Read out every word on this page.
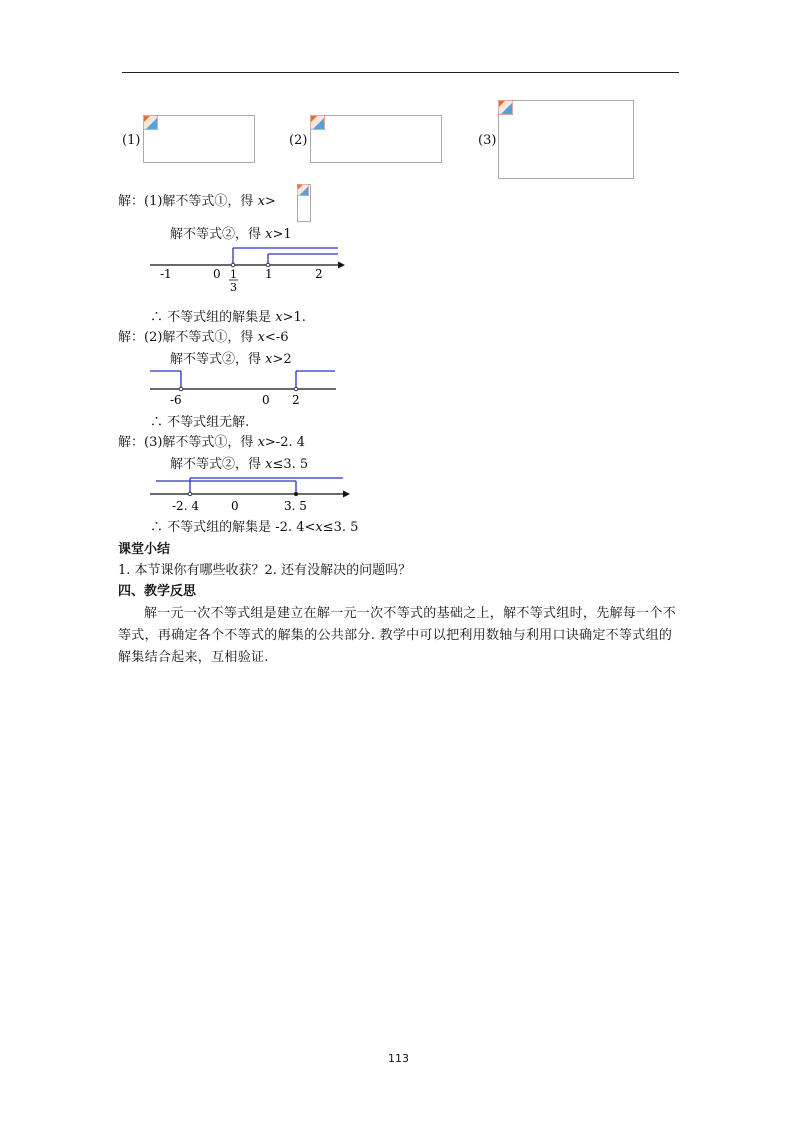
(1)	(2)	(3)
解：(1)解不等式①，得 x>
解不等式②，得 x>1
-1	0 1
3
1	2
∴ 不等式组的解集是 x>1.
解：(2)解不等式①，得 x<-6
解不等式②，得 x>2
-6	0 2
∴ 不等式组无解.
解：(3)解不等式①，得 x>-2. 4
解不等式②，得 x≤3. 5
-2. 4	0	3. 5
∴ 不等式组的解集是 -2. 4<x≤3. 5
课堂小结
1. 本节课你有哪些收获？2. 还有没解决的问题吗？
四、教学反思
解一元一次不等式组是建立在解一元一次不等式的基础之上，解不等式组时，先解每一个不等式，再确定各个不等式的解集的公共部分. 教学中可以把利用数轴与利用口诀确定不等式组的解集结合起来，互相验证.
113
